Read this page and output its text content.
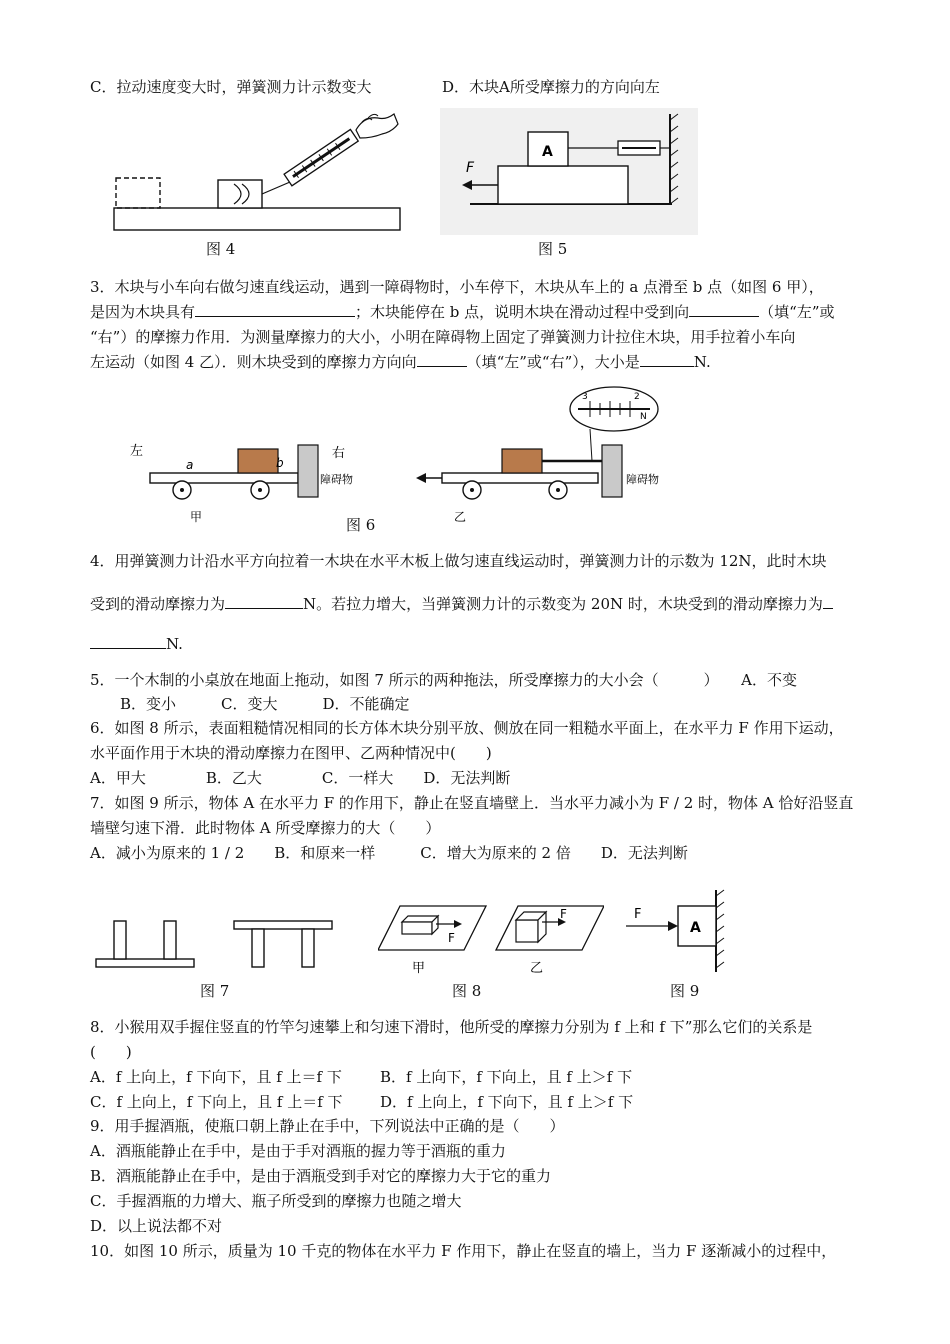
C．拉动速度变大时，弹簧测力计示数变大	D．木块A所受摩擦力的方向向左
图 4
A
F
图 5
3．木块与小车向右做匀速直线运动，遇到一障碍物时，小车停下，木块从车上的 a 点滑至 b 点（如图 6 甲），
是因为木块具有	；木块能停在 b 点，说明木块在滑动过程中受到向	（填“左”或
“右”）的摩擦力作用．为测量摩擦力的大小，小明在障碍物上固定了弹簧测力计拉住木块，用手拉着小车向
左运动（如图 4 乙）．则木块受到的摩擦力方向向	（填“左”或“右”），大小是	N.
左	右
a	b
障碍物
甲
障碍物
乙
3	2
N
图 6
4．用弹簧测力计沿水平方向拉着一木块在水平木板上做匀速直线运动时，弹簧测力计的示数为 12N，此时木块
受到的滑动摩擦力为	N。若拉力增大，当弹簧测力计的示数变为 20N 时，木块受到的滑动摩擦力为
N.
5．一个木制的小桌放在地面上拖动，如图 7 所示的两种拖法，所受摩擦力的大小会（　　　）　　A．不变
B．变小　　　C．变大　　　D．不能确定
6．如图 8 所示，表面粗糙情况相同的长方体木块分别平放、侧放在同一粗糙水平面上，在水平力 F 作用下运动，
水平面作用于木块的滑动摩擦力在图甲、乙两种情况中(　　)
A．甲大　　　　B．乙大　　　　C．一样大　　D．无法判断
7．如图 9 所示，物体 A 在水平力 F 的作用下，静止在竖直墙壁上．当水平力减小为 F / 2 时，物体 A 恰好沿竖直
墙壁匀速下滑．此时物体 A 所受摩擦力的大（　　）
A．减小为原来的 1 / 2　　B．和原来一样　　　C．增大为原来的 2 倍　　D．无法判断
图 7
F
甲
F
乙
图 8
A
F
图 9
8．小猴用双手握住竖直的竹竿匀速攀上和匀速下滑时，他所受的摩擦力分别为 f 上和 f 下”那么它们的关系是
(　　)
A．f 上向上，f 下向下，且 f 上＝f 下	B．f 上向下，f 下向上，且 f 上＞f 下
C．f 上向上，f 下向上，且 f 上＝f 下 D．f 上向上，f 下向下，且 f 上＞f 下
9．用手握酒瓶，使瓶口朝上静止在手中，下列说法中正确的是（　　）
A．酒瓶能静止在手中，是由于手对酒瓶的握力等于酒瓶的重力
B．酒瓶能静止在手中，是由于酒瓶受到手对它的摩擦力大于它的重力
C．手握酒瓶的力增大、瓶子所受到的摩擦力也随之增大
D．以上说法都不对
10．如图 10 所示，质量为 10 千克的物体在水平力 F 作用下，静止在竖直的墙上，当力 F 逐渐减小的过程中，
